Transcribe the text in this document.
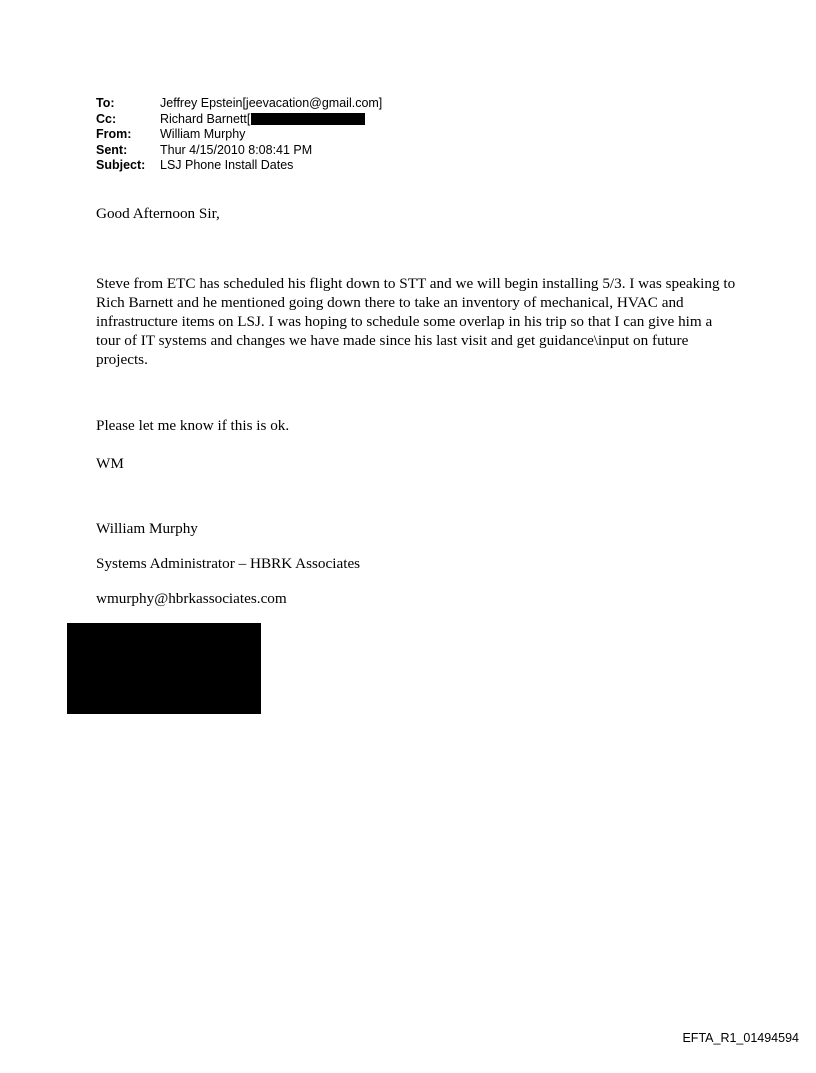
To:	Jeffrey Epstein[jeevacation@gmail.com]
Cc:	Richard Barnett[
From:	William Murphy
Sent:	Thur 4/15/2010 8:08:41 PM
Subject:	LSJ Phone Install Dates

Good Afternoon Sir,

Steve from ETC has scheduled his flight down to STT and we will begin installing 5/3. I was speaking to Rich Barnett and he mentioned going down there to take an inventory of mechanical, HVAC and infrastructure items on LSJ. I was hoping to schedule some overlap in his trip so that I can give him a tour of IT systems and changes we have made since his last visit and get guidance\input on future projects.

Please let me know if this is ok.

WM

William Murphy

Systems Administrator – HBRK Associates

wmurphy@hbrkassociates.com

EFTA_R1_01494594
